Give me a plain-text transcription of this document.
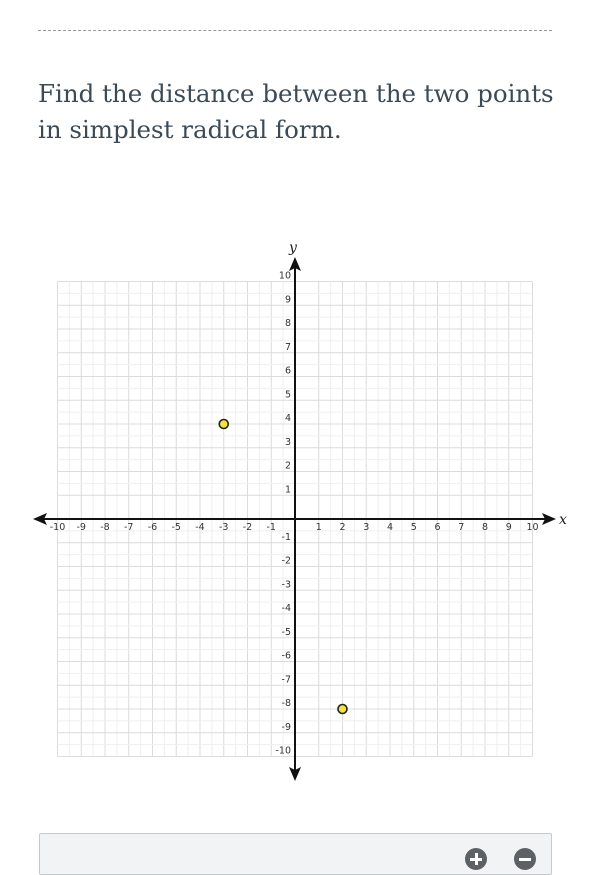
Find the distance between the two points in simplest radical form.

x
y
-10 -9 -8 -7 -6 -5 -4 -3 -2 -1	1 2 3 4 5 6 7 8 9 10
-10
-9
-8
-7
-6
-5
-4
-3
-2
-1
1
2
3
4
5
6
7
8
9
10
